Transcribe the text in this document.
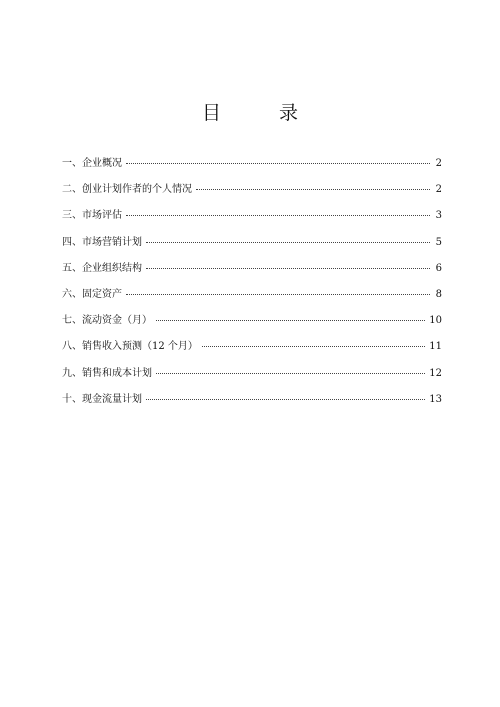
目 录
一、企业概况	2
二、创业计划作者的个人情况	2
三、市场评估	3
四、市场营销计划	5
五、企业组织结构	6
六、固定资产	8
七、流动资金（月）	10
八、销售收入预测（12 个月）	11
九、销售和成本计划	12
十、现金流量计划	13
